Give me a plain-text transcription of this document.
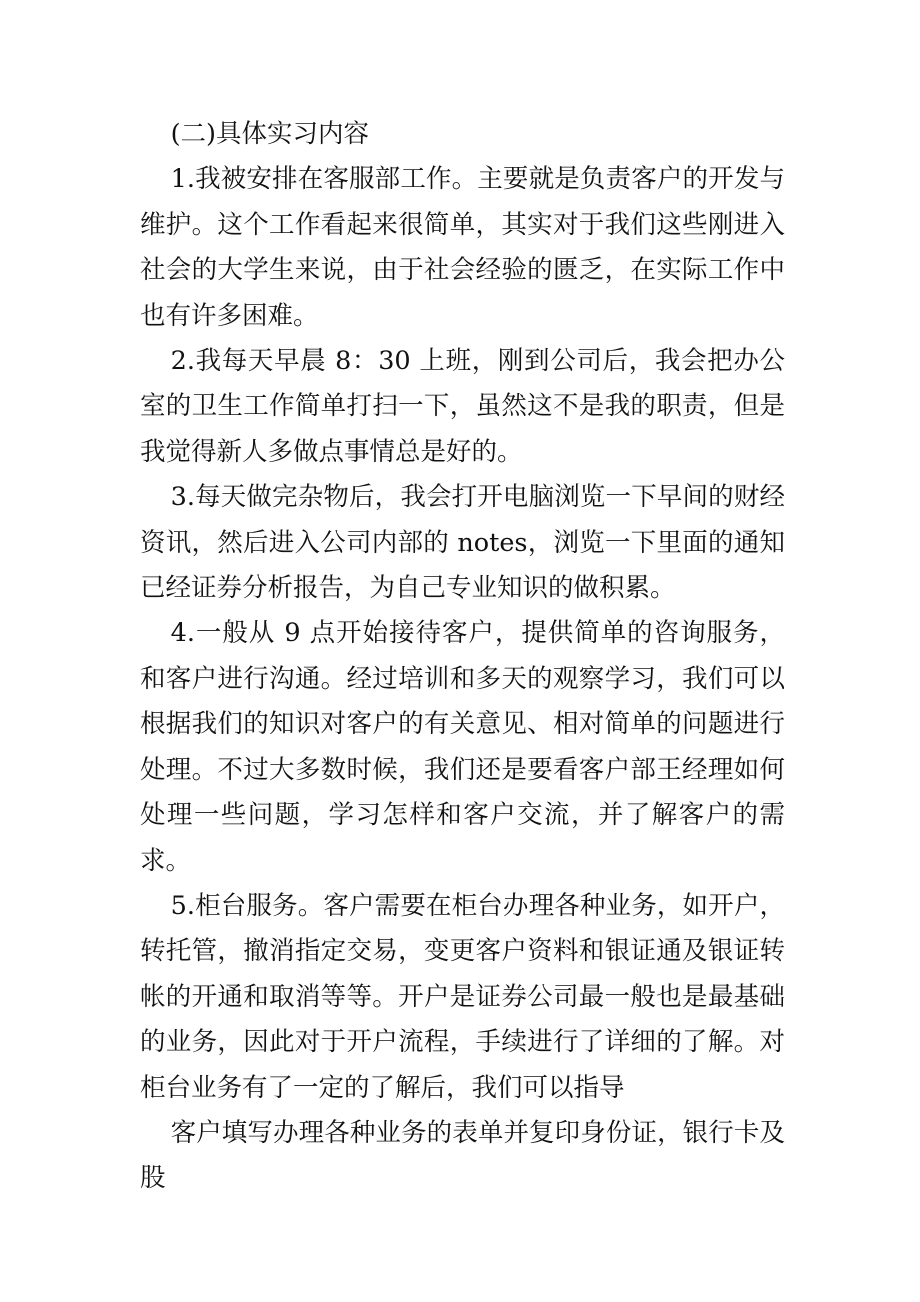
(二)具体实习内容

1.我被安排在客服部工作。主要就是负责客户的开发与维护。这个工作看起来很简单，其实对于我们这些刚进入社会的大学生来说，由于社会经验的匮乏，在实际工作中也有许多困难。

2.我每天早晨 8：30 上班，刚到公司后，我会把办公室的卫生工作简单打扫一下，虽然这不是我的职责，但是我觉得新人多做点事情总是好的。

3.每天做完杂物后，我会打开电脑浏览一下早间的财经资讯，然后进入公司内部的 notes，浏览一下里面的通知已经证券分析报告，为自己专业知识的做积累。

4.一般从 9 点开始接待客户，提供简单的咨询服务，和客户进行沟通。经过培训和多天的观察学习，我们可以根据我们的知识对客户的有关意见、相对简单的问题进行处理。不过大多数时候，我们还是要看客户部王经理如何处理一些问题，学习怎样和客户交流，并了解客户的需求。

5.柜台服务。客户需要在柜台办理各种业务，如开户，转托管，撤消指定交易，变更客户资料和银证通及银证转帐的开通和取消等等。开户是证券公司最一般也是最基础的业务，因此对于开户流程，手续进行了详细的了解。对柜台业务有了一定的了解后，我们可以指导

客户填写办理各种业务的表单并复印身份证，银行卡及股
